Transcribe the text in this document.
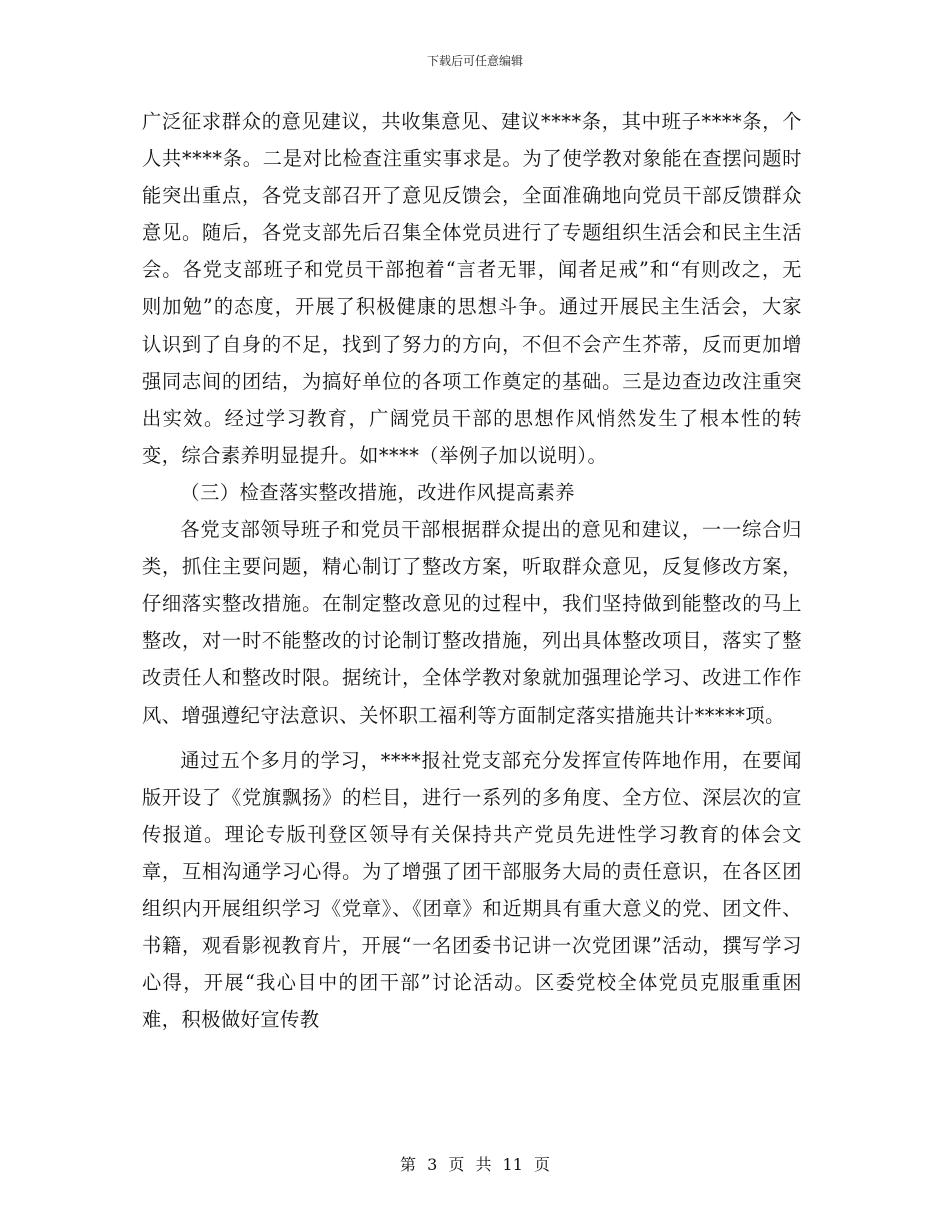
下载后可任意编辑

广泛征求群众的意见建议，共收集意见、建议****条，其中班子****条，个人共****条。二是对比检查注重实事求是。为了使学教对象能在查摆问题时能突出重点，各党支部召开了意见反馈会，全面准确地向党员干部反馈群众意见。随后，各党支部先后召集全体党员进行了专题组织生活会和民主生活会。各党支部班子和党员干部抱着“言者无罪，闻者足戒”和“有则改之，无则加勉”的态度，开展了积极健康的思想斗争。通过开展民主生活会，大家认识到了自身的不足，找到了努力的方向，不但不会产生芥蒂，反而更加增强同志间的团结，为搞好单位的各项工作奠定的基础。三是边查边改注重突出实效。经过学习教育，广阔党员干部的思想作风悄然发生了根本性的转变，综合素养明显提升。如****（举例子加以说明）。

（三）检查落实整改措施，改进作风提高素养

各党支部领导班子和党员干部根据群众提出的意见和建议，一一综合归类，抓住主要问题，精心制订了整改方案，听取群众意见，反复修改方案，仔细落实整改措施。在制定整改意见的过程中，我们坚持做到能整改的马上整改，对一时不能整改的讨论制订整改措施，列出具体整改项目，落实了整改责任人和整改时限。据统计，全体学教对象就加强理论学习、改进工作作风、增强遵纪守法意识、关怀职工福利等方面制定落实措施共计*****项。

通过五个多月的学习，****报社党支部充分发挥宣传阵地作用，在要闻版开设了《党旗飘扬》的栏目，进行一系列的多角度、全方位、深层次的宣传报道。理论专版刊登区领导有关保持共产党员先进性学习教育的体会文章，互相沟通学习心得。为了增强了团干部服务大局的责任意识，在各区团组织内开展组织学习《党章》、《团章》和近期具有重大意义的党、团文件、书籍，观看影视教育片，开展“一名团委书记讲一次党团课”活动，撰写学习心得，开展“我心目中的团干部”讨论活动。区委党校全体党员克服重重困难，积极做好宣传教

第 3 页 共 11 页
